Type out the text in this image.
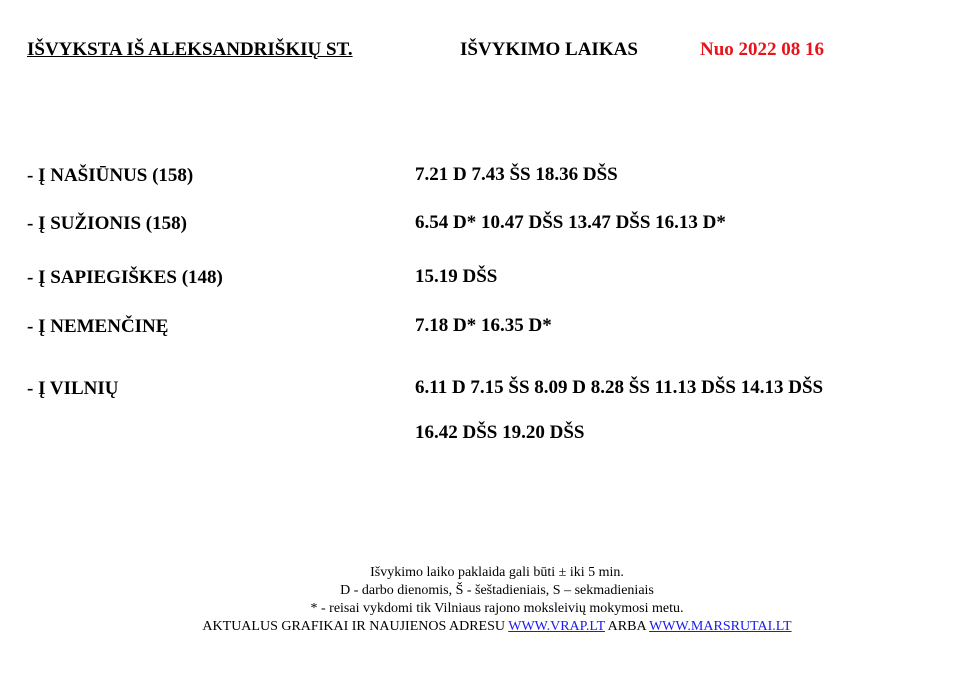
IŠVYKSTA IŠ ALEKSANDRIŠKIŲ ST.	IŠVYKIMO LAIKAS	Nuo 2022 08 16
- Į NAŠIŪNUS (158)	7.21 D 7.43 ŠS 18.36 DŠS
- Į SUŽIONIS (158)	6.54 D* 10.47 DŠS 13.47 DŠS 16.13 D*
- Į SAPIEGIŠKES (148)	15.19 DŠS
- Į NEMENČINĘ	7.18 D* 16.35 D*
- Į VILNIŲ	6.11 D 7.15 ŠS 8.09 D 8.28 ŠS 11.13 DŠS 14.13 DŠS
16.42 DŠS 19.20 DŠS
Išvykimo laiko paklaida gali būti ± iki 5 min.
D - darbo dienomis, Š - šeštadieniais, S – sekmadieniais
* - reisai vykdomi tik Vilniaus rajono moksleivių mokymosi metu.
AKTUALUS GRAFIKAI IR NAUJIENOS ADRESU WWW.VRAP.LT ARBA WWW.MARSRUTAI.LT
